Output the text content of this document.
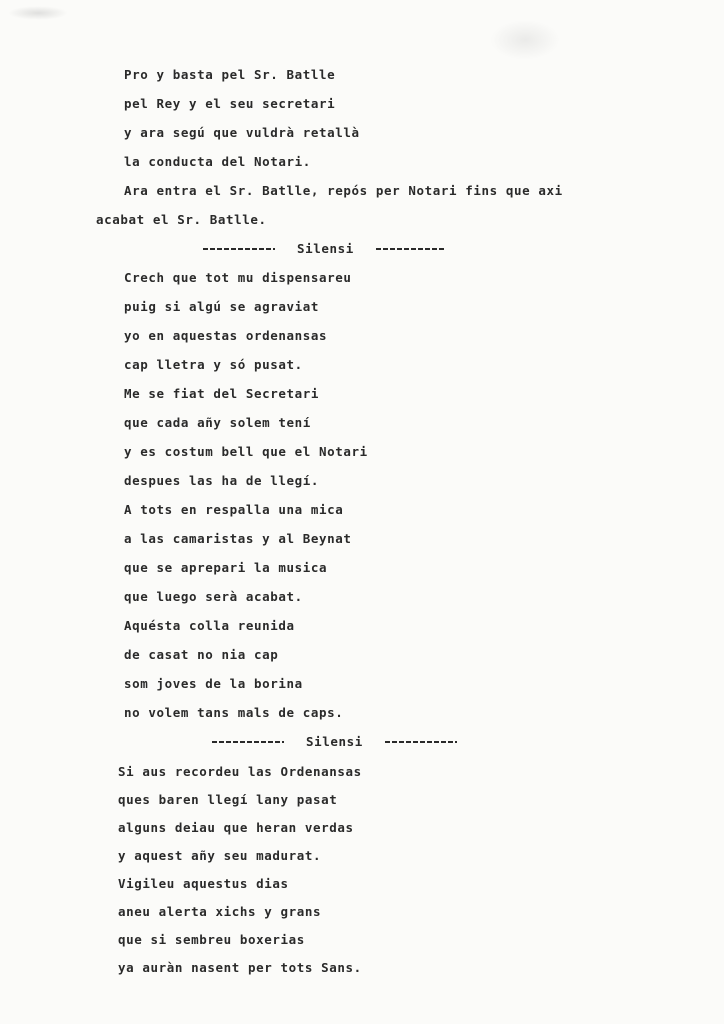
Pro y basta pel Sr. Batlle
pel Rey y el seu secretari
y ara segú que vuldrà retallà
la conducta del Notari.
Ara entra el Sr. Batlle, repós per Notari fins que axi
acabat el Sr. Batlle.
Silensi
Crech que tot mu dispensareu
puig si algú se agraviat
yo en aquestas ordenansas
cap lletra y só pusat.
Me se fiat del Secretari
que cada añy solem tení
y es costum bell que el Notari
despues las ha de llegí.
A tots en respalla una mica
a las camaristas y al Beynat
que se aprepari la musica
que luego serà acabat.
Aquésta colla reunida
de casat no nia cap
som joves de la borina
no volem tans mals de caps.
Silensi
Si aus recordeu las Ordenansas
ques baren llegí lany pasat
alguns deiau que heran verdas
y aquest añy seu madurat.
Vigileu aquestus dias
aneu alerta xichs y grans
que si sembreu boxerias
ya auràn nasent per tots Sans.
